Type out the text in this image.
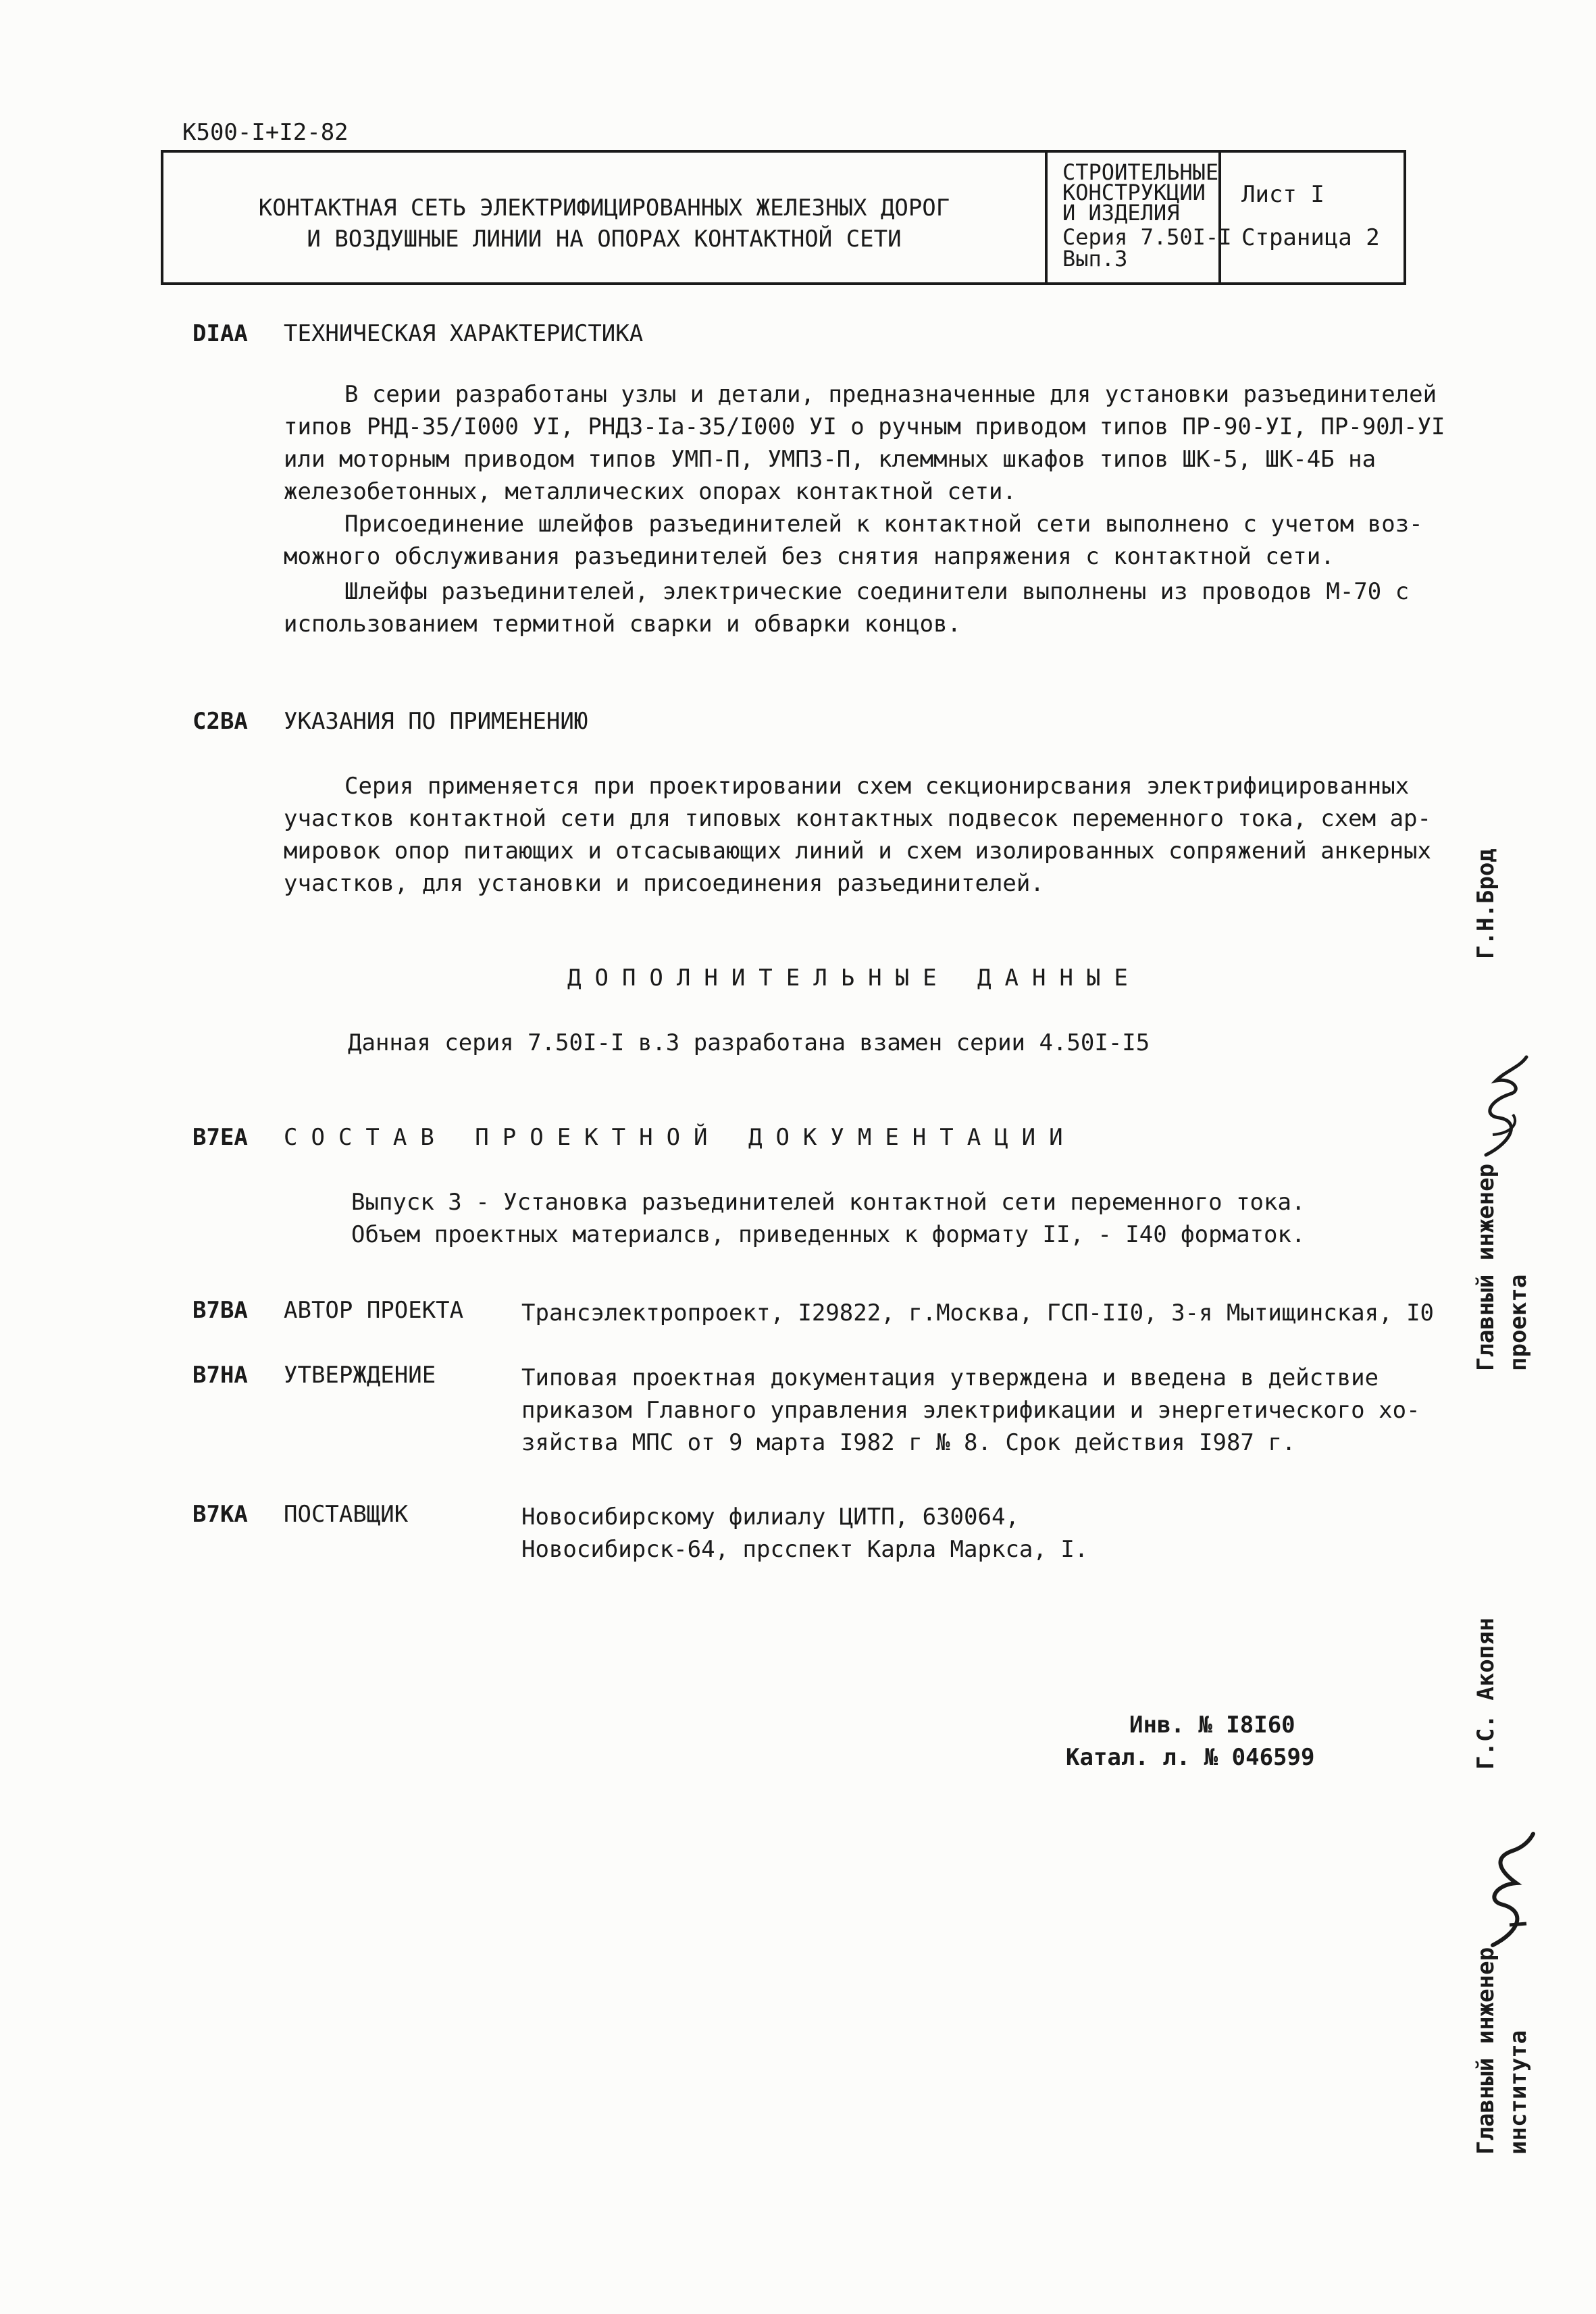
К500-I+I2-82
КОНТАКТНАЯ СЕТЬ ЭЛЕКТРИФИЦИРОВАННЫХ ЖЕЛЕЗНЫХ ДОРОГ
И ВОЗДУШНЫЕ ЛИНИИ НА ОПОРАХ КОНТАКТНОЙ СЕТИ
СТРОИТЕЛЬНЫЕ
КОНСТРУКЦИИ
И ИЗДЕЛИЯ
Серия 7.50I-I
Вып.3
Лист I
Страница 2
DIAA ТЕХНИЧЕСКАЯ ХАРАКТЕРИСТИКА
В серии разработаны узлы и детали, предназначенные для установки разъединителей
типов РНД-35/I000 УI, РНДЗ-Iа-35/I000 УI о ручным приводом типов ПР-90-УI, ПР-90Л-УI
или моторным приводом типов УМП-П, УМПЗ-П, клеммных шкафов типов ШК-5, ШК-4Б на
железобетонных, металлических опорах контактной сети.
Присоединение шлейфов разъединителей к контактной сети выполнено с учетом воз-
можного обслуживания разъединителей без снятия напряжения с контактной сети.
Шлейфы разъединителей, электрические соединители выполнены из проводов М-70 с
использованием термитной сварки и обварки концов.
C2BA УКАЗАНИЯ ПО ПРИМЕНЕНИЮ
Серия применяется при проектировании схем секционирсвания электрифицированных
участков контактной сети для типовых контактных подвесок переменного тока, схем ар-
мировок опор питающих и отсасывающих линий и схем изолированных сопряжений анкерных
участков, для установки и присоединения разъединителей.
ДОПОЛНИТЕЛЬНЫЕ ДАННЫЕ
Данная серия 7.50I-I в.3 разработана взамен серии 4.50I-I5
B7EA СОСТАВ ПРОЕКТНОЙ ДОКУМЕНТАЦИИ
Выпуск 3 - Установка разъединителей контактной сети переменного тока.
Объем проектных материалсв, приведенных к формату II, - I40 форматок.
B7BA АВТОР ПРОЕКТА	Трансэлектропроект, I29822, г.Москва, ГСП-II0, 3-я Мытищинская, I0
B7HA УТВЕРЖДЕНИЕ	Типовая проектная документация утверждена и введена в действие
приказом Главного управления электрификации и энергетического хо-
зяйства МПС от 9 марта I982 г № 8. Срок действия I987 г.
B7KA ПОСТАВЩИК	Новосибирскому филиалу ЦИТП, 630064,
Новосибирск-64, прсспект Карла Маркса, I.
Инв. № I8I60
Катал. л. № 046599
Г.Н.Брод
Главный инженер проекта
Г.С. Акопян
Главный инженер института
